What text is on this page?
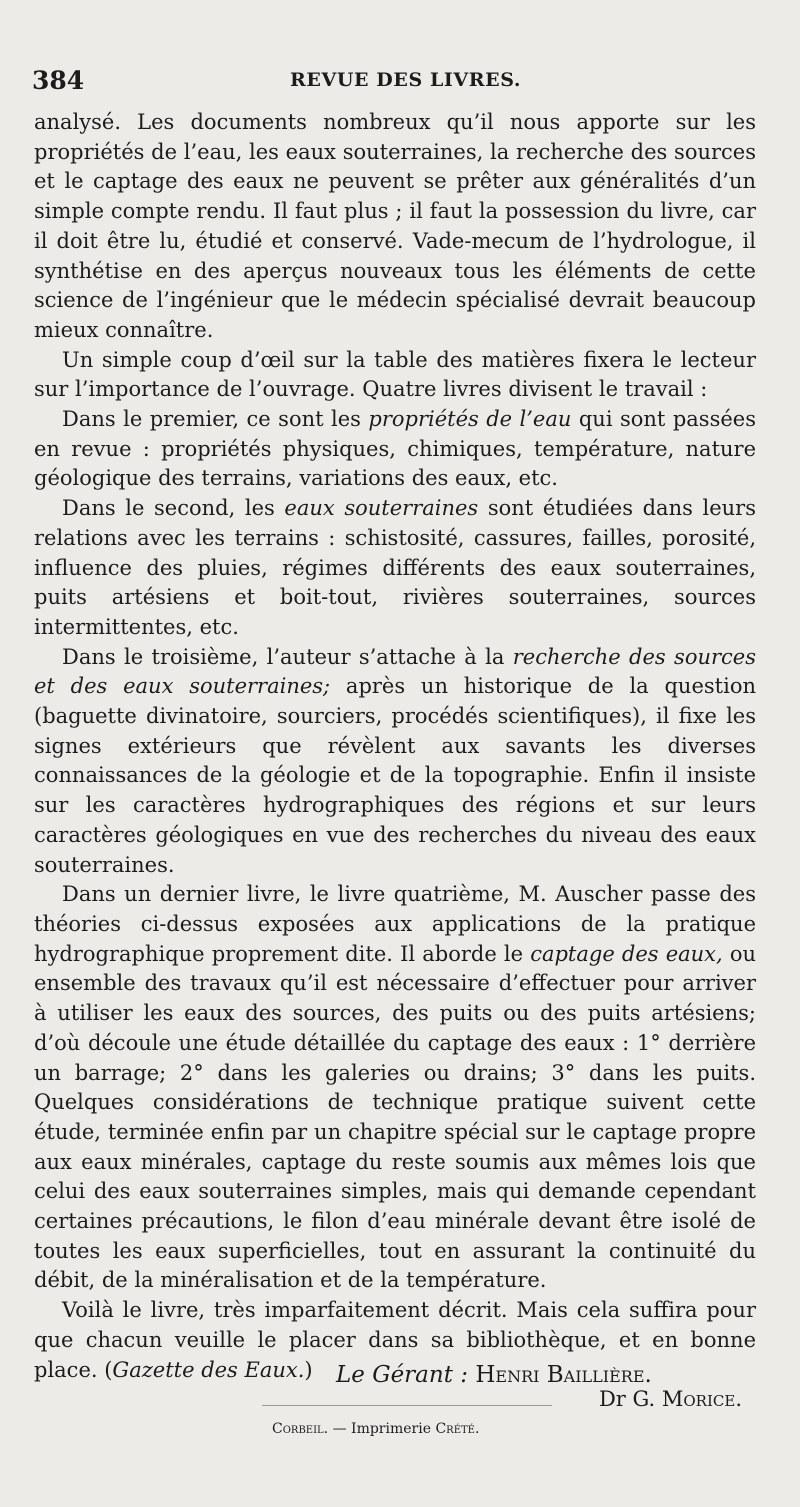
384	REVUE DES LIVRES.

analysé. Les documents nombreux qu’il nous apporte sur les propriétés de l’eau, les eaux souterraines, la recherche des sources et le captage des eaux ne peuvent se prêter aux généralités d’un simple compte rendu. Il faut plus ; il faut la possession du livre, car il doit être lu, étudié et conservé. Vade-mecum de l’hydrologue, il synthétise en des aperçus nouveaux tous les éléments de cette science de l’ingénieur que le médecin spécialisé devrait beaucoup mieux connaître.

Un simple coup d’œil sur la table des matières fixera le lecteur sur l’importance de l’ouvrage. Quatre livres divisent le travail :

Dans le premier, ce sont les propriétés de l’eau qui sont passées en revue : propriétés physiques, chimiques, température, nature géologique des terrains, variations des eaux, etc.

Dans le second, les eaux souterraines sont étudiées dans leurs relations avec les terrains : schistosité, cassures, failles, porosité, influence des pluies, régimes différents des eaux souterraines, puits artésiens et boit-tout, rivières souterraines, sources intermittentes, etc.

Dans le troisième, l’auteur s’attache à la recherche des sources et des eaux souterraines; après un historique de la question (baguette divinatoire, sourciers, procédés scientifiques), il fixe les signes extérieurs que révèlent aux savants les diverses connaissances de la géologie et de la topographie. Enfin il insiste sur les caractères hydrographiques des régions et sur leurs caractères géologiques en vue des recherches du niveau des eaux souterraines.

Dans un dernier livre, le livre quatrième, M. Auscher passe des théories ci-dessus exposées aux applications de la pratique hydrographique proprement dite. Il aborde le captage des eaux, ou ensemble des travaux qu’il est nécessaire d’effectuer pour arriver à utiliser les eaux des sources, des puits ou des puits artésiens; d’où découle une étude détaillée du captage des eaux : 1° derrière un barrage; 2° dans les galeries ou drains; 3° dans les puits. Quelques considérations de technique pratique suivent cette étude, terminée enfin par un chapitre spécial sur le captage propre aux eaux minérales, captage du reste soumis aux mêmes lois que celui des eaux souterraines simples, mais qui demande cependant certaines précautions, le filon d’eau minérale devant être isolé de toutes les eaux superficielles, tout en assurant la continuité du débit, de la minéralisation et de la température.

Voilà le livre, très imparfaitement décrit. Mais cela suffira pour que chacun veuille le placer dans sa bibliothèque, et en bonne place. (Gazette des Eaux.)

Dr G. Morice.
Le Gérant : Henri Baillière.
Corbeil. — Imprimerie Crété.
